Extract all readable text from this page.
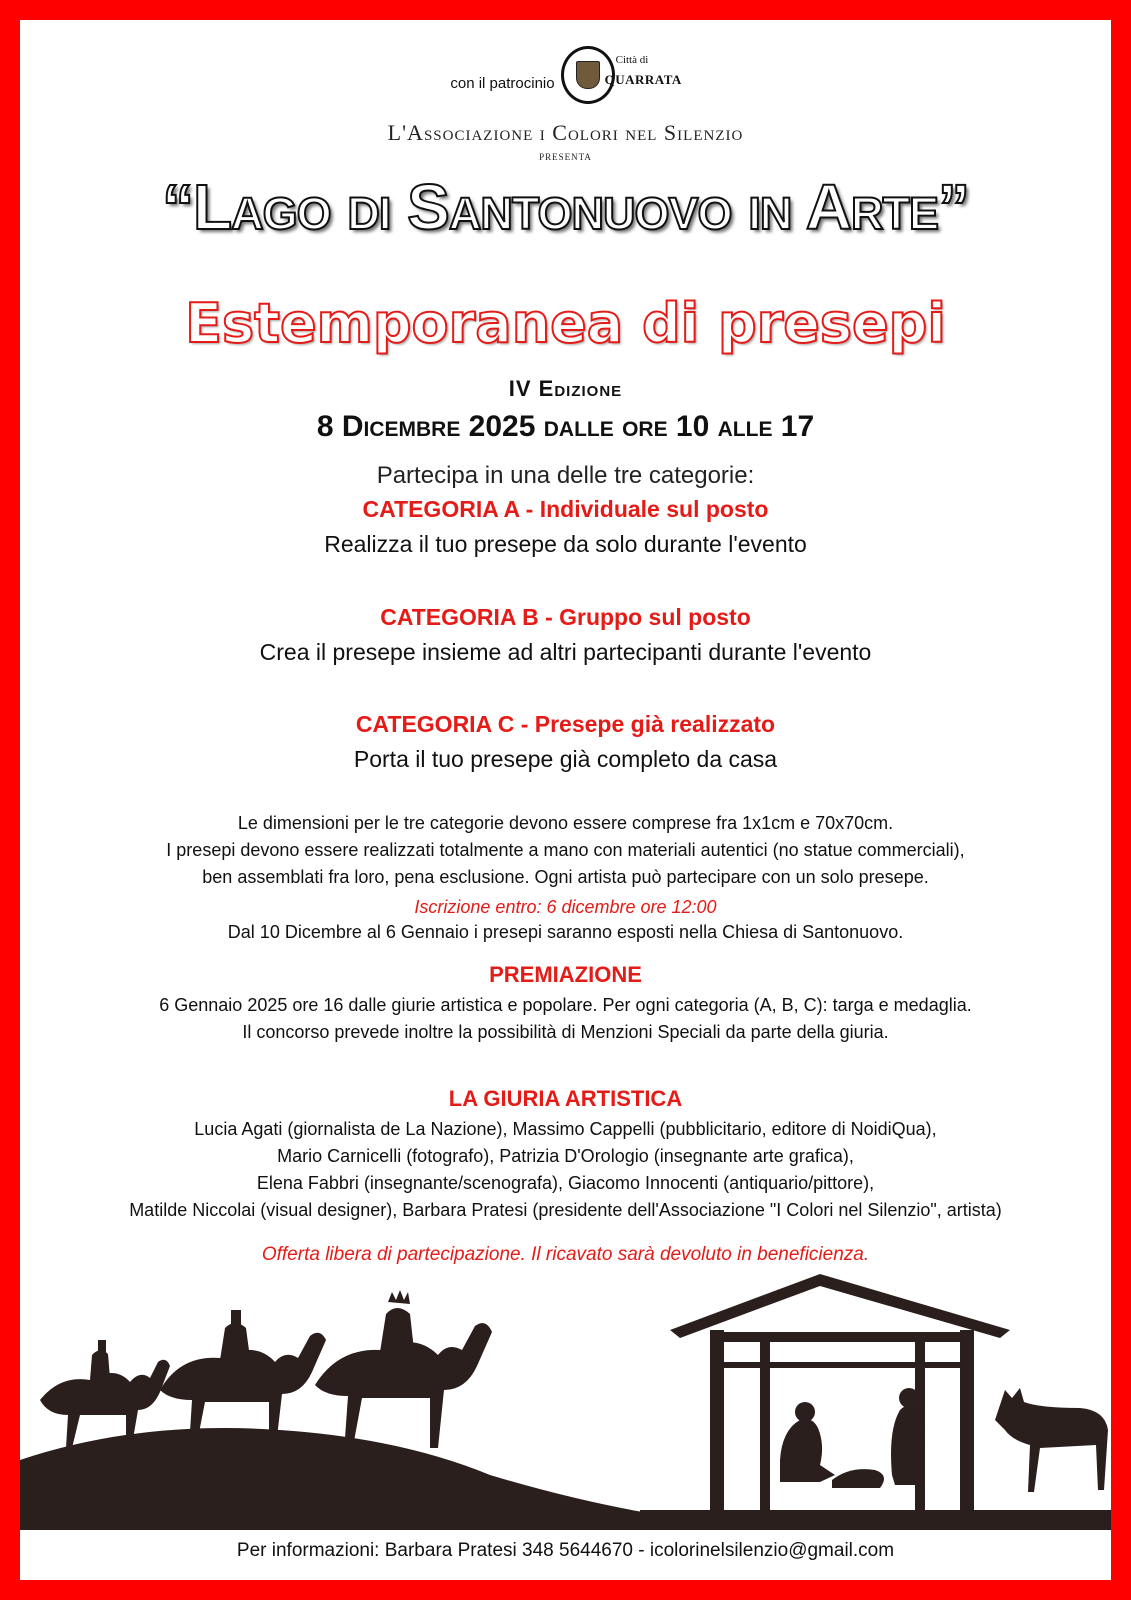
con il patrocinio
Città di
QUARRATA
L'Associazione i Colori nel Silenzio
presenta
“Lago di Santonuovo in Arte”
Estemporanea di presepi
IV Edizione
8 Dicembre 2025 dalle ore 10 alle 17
Partecipa in una delle tre categorie:
CATEGORIA A - Individuale sul posto
Realizza il tuo presepe da solo durante l'evento
CATEGORIA B - Gruppo sul posto
Crea il presepe insieme ad altri partecipanti durante l'evento
CATEGORIA C - Presepe già realizzato
Porta il tuo presepe già completo da casa
Le dimensioni per le tre categorie devono essere comprese fra 1x1cm e 70x70cm.
I presepi devono essere realizzati totalmente a mano con materiali autentici (no statue commerciali),
ben assemblati fra loro, pena esclusione. Ogni artista può partecipare con un solo presepe.
Iscrizione entro: 6 dicembre ore 12:00
Dal 10 Dicembre al 6 Gennaio i presepi saranno esposti nella Chiesa di Santonuovo.
PREMIAZIONE
6 Gennaio 2025 ore 16 dalle giurie artistica e popolare. Per ogni categoria (A, B, C): targa e medaglia.
Il concorso prevede inoltre la possibilità di Menzioni Speciali da parte della giuria.
LA GIURIA ARTISTICA
Lucia Agati (giornalista de La Nazione), Massimo Cappelli (pubblicitario, editore di NoidiQua),
Mario Carnicelli (fotografo), Patrizia D'Orologio (insegnante arte grafica),
Elena Fabbri (insegnante/scenografa), Giacomo Innocenti (antiquario/pittore),
Matilde Niccolai (visual designer), Barbara Pratesi (presidente dell'Associazione "I Colori nel Silenzio", artista)
Offerta libera di partecipazione. Il ricavato sarà devoluto in beneficienza.
Per informazioni: Barbara Pratesi 348 5644670 - icolorinelsilenzio@gmail.com
